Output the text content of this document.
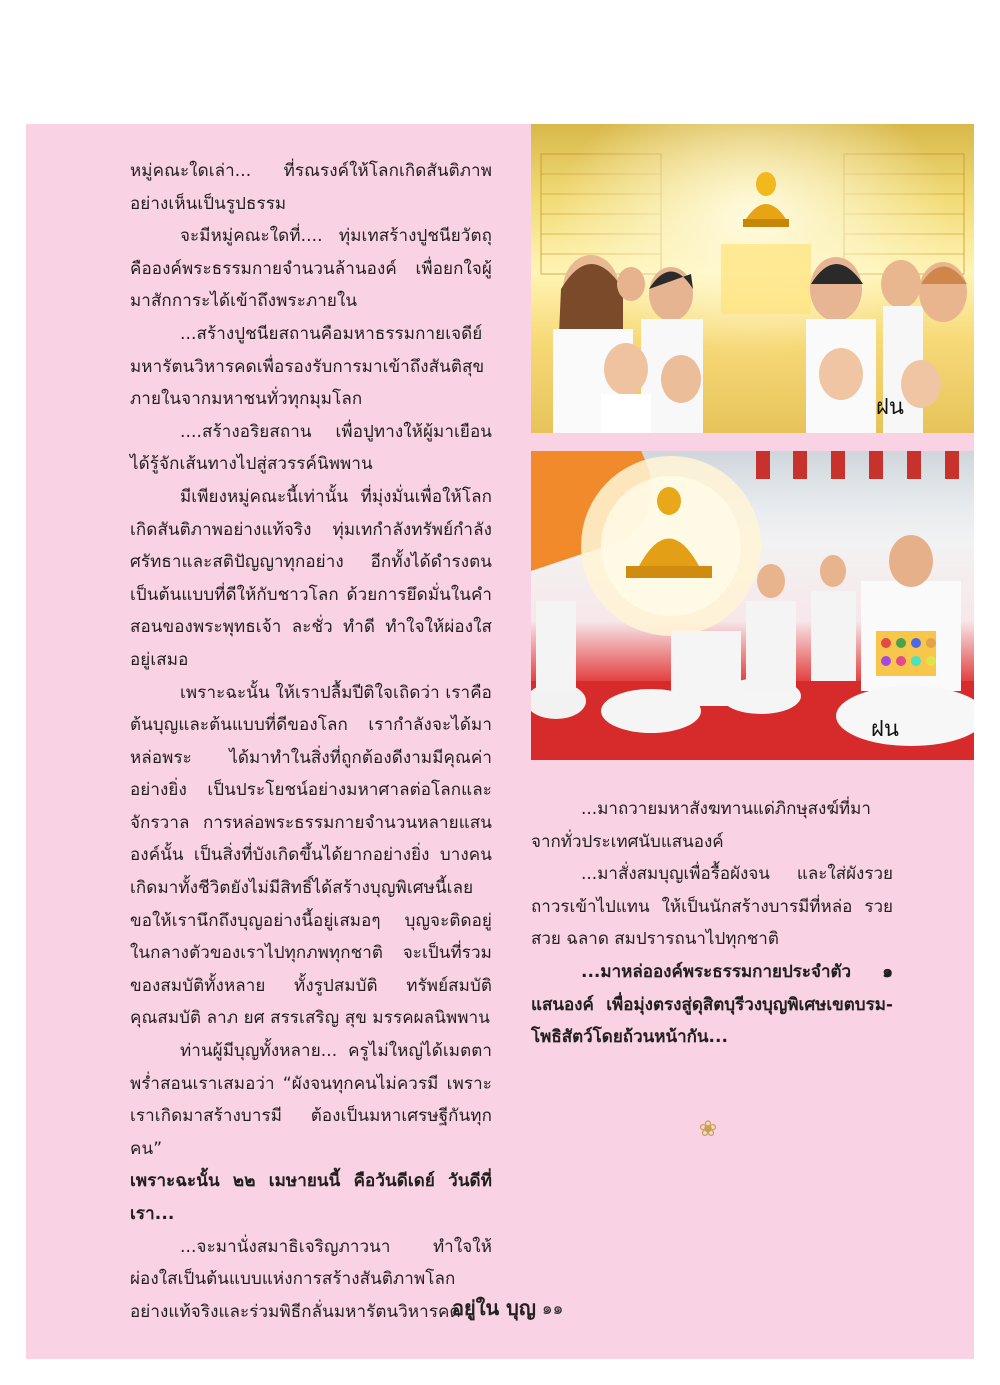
หมู่คณะใดเล่า... ที่รณรงค์ให้โลกเกิดสันติภาพอย่างเห็นเป็นรูปธรรม

จะมีหมู่คณะใดที่.... ทุ่มเทสร้างปูชนียวัตถุคือองค์พระธรรมกายจำนวนล้านองค์ เพื่อยกใจผู้มาสักการะได้เข้าถึงพระภายใน

...สร้างปูชนียสถานคือมหาธรรมกายเจดีย์ มหารัตนวิหารคดเพื่อรองรับการมาเข้าถึงสันติสุขภายในจากมหาชนทั่วทุกมุมโลก

....สร้างอริยสถาน เพื่อปูทางให้ผู้มาเยือนได้รู้จักเส้นทางไปสู่สวรรค์นิพพาน

มีเพียงหมู่คณะนี้เท่านั้น ที่มุ่งมั่นเพื่อให้โลกเกิดสันติภาพอย่างแท้จริง ทุ่มเทกำลังทรัพย์กำลังศรัทธาและสติปัญญาทุกอย่าง อีกทั้งได้ดำรงตนเป็นต้นแบบที่ดีให้กับชาวโลก ด้วยการยึดมั่นในคำสอนของพระพุทธเจ้า ละชั่ว ทำดี ทำใจให้ผ่องใสอยู่เสมอ

เพราะฉะนั้น ให้เราปลื้มปีติใจเถิดว่า เราคือต้นบุญและต้นแบบที่ดีของโลก เรากำลังจะได้มาหล่อพระ ได้มาทำในสิ่งที่ถูกต้องดีงามมีคุณค่าอย่างยิ่ง เป็นประโยชน์อย่างมหาศาลต่อโลกและจักรวาล การหล่อพระธรรมกายจำนวนหลายแสนองค์นั้น เป็นสิ่งที่บังเกิดขึ้นได้ยากอย่างยิ่ง บางคนเกิดมาทั้งชีวิตยังไม่มีสิทธิ์ได้สร้างบุญพิเศษนี้เลย ขอให้เรานึกถึงบุญอย่างนี้อยู่เสมอๆ บุญจะติดอยู่ในกลางตัวของเราไปทุกภพทุกชาติ จะเป็นที่รวมของสมบัติทั้งหลาย ทั้งรูปสมบัติ ทรัพย์สมบัติ คุณสมบัติ ลาภ ยศ สรรเสริญ สุข มรรคผลนิพพาน

ท่านผู้มีบุญทั้งหลาย... ครูไม่ใหญ่ได้เมตตาพร่ำสอนเราเสมอว่า “ผังจนทุกคนไม่ควรมี เพราะเราเกิดมาสร้างบารมี ต้องเป็นมหาเศรษฐีกันทุกคน”

เพราะฉะนั้น ๒๒ เมษายนนี้ คือวันดีเดย์ วันดีที่เรา...

...จะมานั่งสมาธิเจริญภาวนา ทำใจให้ผ่องใสเป็นต้นแบบแห่งการสร้างสันติภาพโลกอย่างแท้จริงและร่วมพิธีกลั่นมหารัตนวิหารคด

ฝน
ฝน

...มาถวายมหาสังฆทานแด่ภิกษุสงฆ์ที่มาจากทั่วประเทศนับแสนองค์

...มาสั่งสมบุญเพื่อรื้อผังจน และใส่ผังรวยถาวรเข้าไปแทน ให้เป็นนักสร้างบารมีที่หล่อ รวย สวย ฉลาด สมปรารถนาไปทุกชาติ

...มาหล่อองค์พระธรรมกายประจำตัว ๑ แสนองค์ เพื่อมุ่งตรงสู่ดุสิตบุรีวงบุญพิเศษเขตบรม-โพธิสัตว์โดยถ้วนหน้ากัน...

❀
อยู่ใน บุญ ๑๑
